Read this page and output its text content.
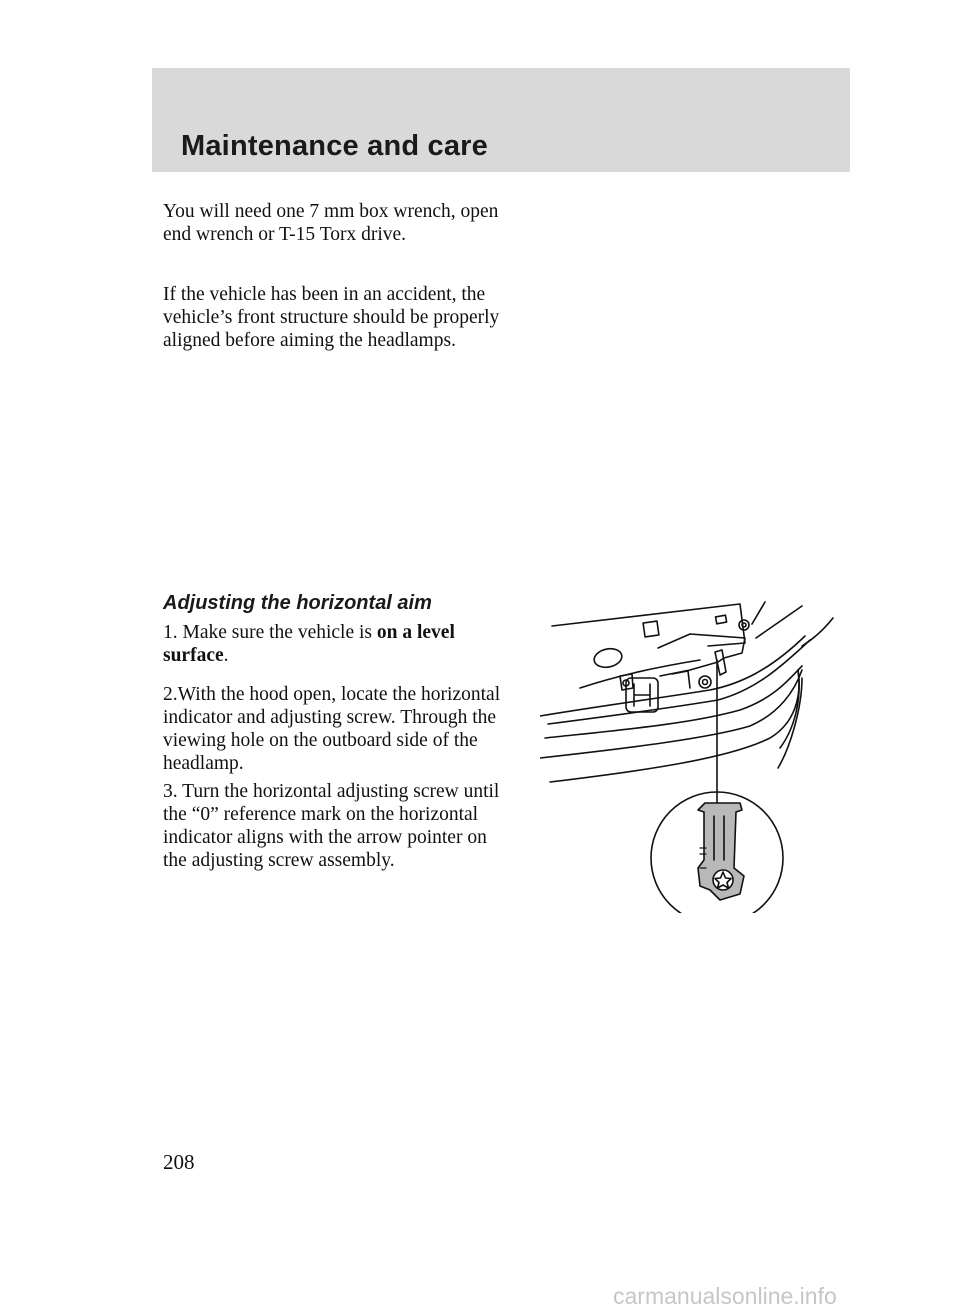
Maintenance and care

You will need one 7 mm box wrench, open end wrench or T-15 Torx drive.

If the vehicle has been in an accident, the vehicle’s front structure should be properly aligned before aiming the headlamps.

Adjusting the horizontal aim

1. Make sure the vehicle is on a level surface.

2.With the hood open, locate the horizontal indicator and adjusting screw. Through the viewing hole on the outboard side of the headlamp.

3. Turn the horizontal adjusting screw until the “0” reference mark on the horizontal indicator aligns with the arrow pointer on the adjusting screw assembly.

208
carmanualsonline.info
